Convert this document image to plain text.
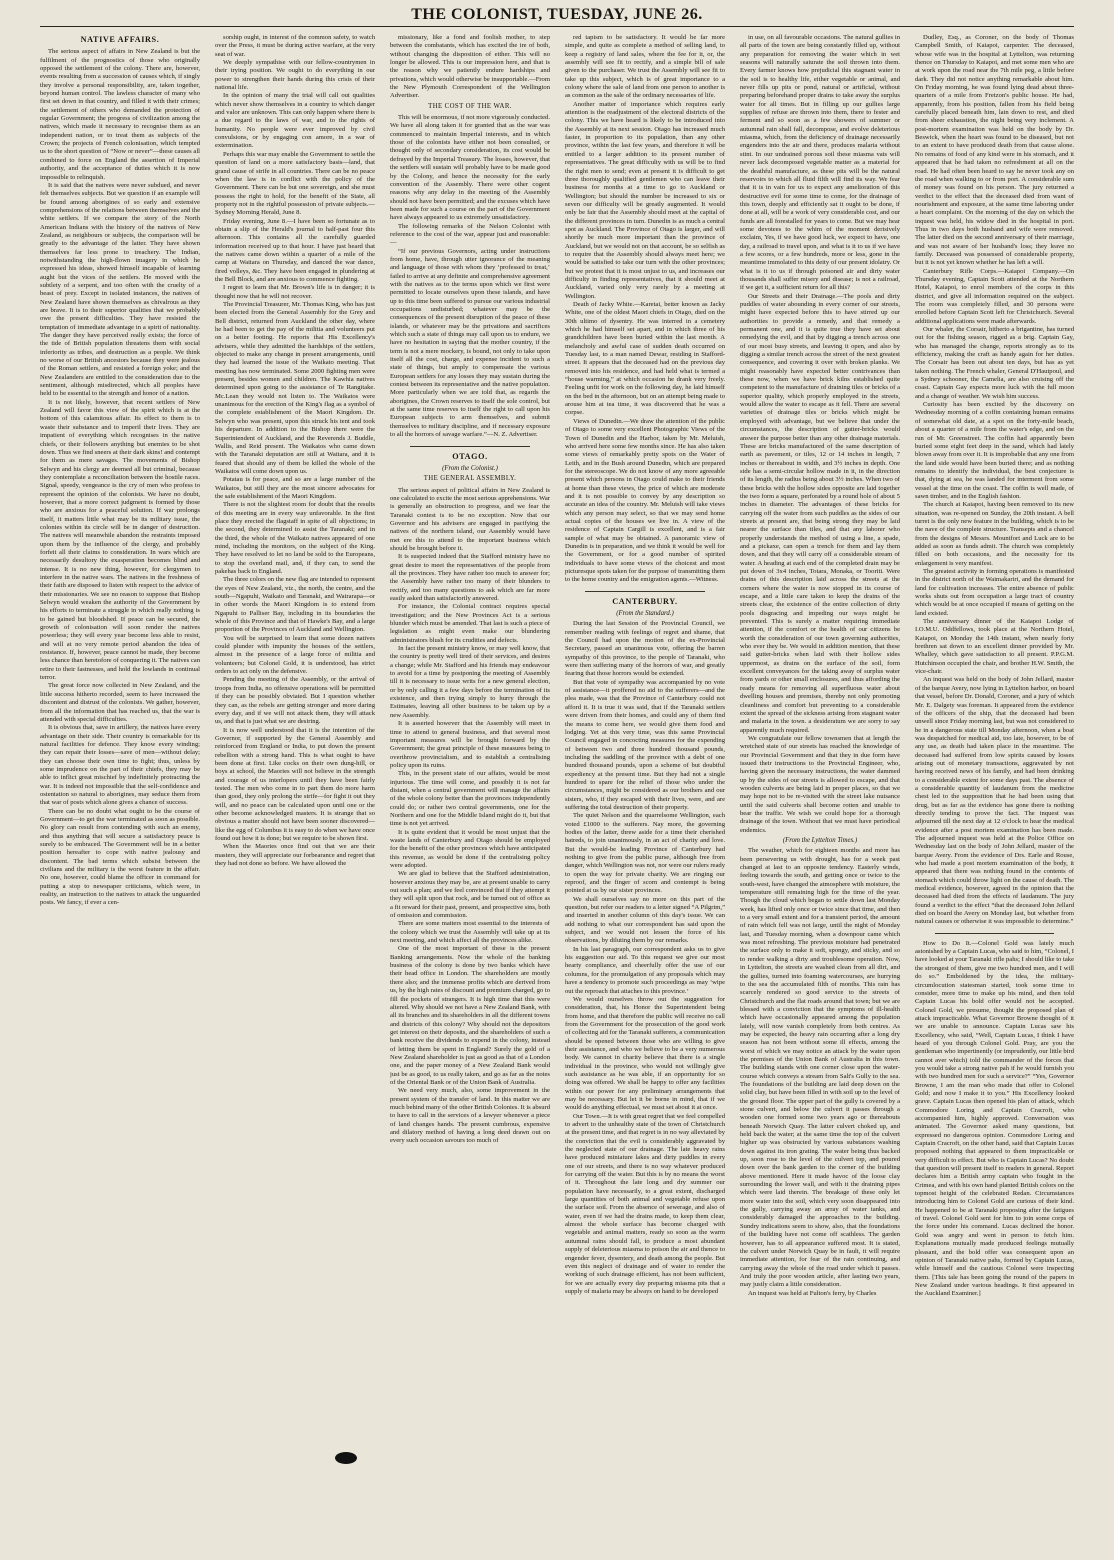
THE COLONIST, TUESDAY, JUNE 26.
NATIVE AFFAIRS.

The serious aspect of affairs in New Zealand is but the fulfilment of the prognostics of those who originally opposed the settlement of the colony. There are, however, events resulting from a succession of causes which, if singly they involve a personal responsibility, are, taken together, beyond human control. The lawless character of many who first set down in that country, and filled it with their crimes; the settlement of others who demanded the protection of regular Government; the progress of civilization among the natives, which made it necessary to recognise them as an independent nation, or to treat them as subjects of the Crown; the projects of French colonisation, which tempted us to the short question of “Now or never”—these causes all combined to force on England the assertion of Imperial authority, and the acceptance of duties which it is now impossible to relinquish.

It is said that the natives were never subdued, and never felt themselves subjects. But we question if an example will be found among aborigines of so early and extensive comprehensions of the relations between themselves and the white settlers. If we compare the story of the North American Indians with the history of the natives of New Zealand, as neighbours or subjects, the comparison will be greatly to the advantage of the latter. They have shown themselves far less prone to treachery. The Indian, notwithstanding the high-flown imagery in which he expressed his ideas, showed himself incapable of learning aught but the vices of the settlers. He moved with the subtlety of a serpent, and too often with the cruelty of a beast of prey. Except in isolated instances, the natives of New Zealand have shown themselves as chivalrous as they are brave. It is to their superior qualities that we probably owe the present difficulties. They have resisted the temptation of immediate advantage in a spirit of nationality. The danger they have perceived really exists; the force of the tide of British population threatens them with social inferiority as tribes, and destruction as a people. We think no worse of our British ancestors because they were jealous of the Roman settlers, and resisted a foreign yoke; and the New Zealanders are entitled to the consideration due to the sentiment, although misdirected, which all peoples have held to be essential to the strength and honor of a nation.

It is not likely, however, that recent settlers of New Zealand will favor this view of the spirit which is at the bottom of this calamitous affair. Its effect to them is to waste their substance and to imperil their lives. They are impatient of everything which recognises in the native chiefs, or their followers anything but enemies to be shot down. Thus we find sneers at their dark skins! and contempt for them as mere savages. The movements of Bishop Selwyn and his clergy are deemed all but criminal, because they contemplate a reconciliation between the hostile races. Signal, speedy, vengeance is the cry of men who profess to represent the opinion of the colonists. We have no doubt, however, that a more correct judgment is formed by those who are anxious for a peaceful solution. If war prolongs itself, it matters little what may be its military issue, the colonies within its circle will be in danger of destruction. The natives will meanwhile abandon the restraints imposed upon them by the influence of the clergy, and probably forfeit all their claims to consideration. In wars which are necessarily desultory the exasperation becomes blind and intense. It is no new thing, however, for clergymen to interfere in the native wars. The natives in the freshness of their faith are disposed to listen with respect to the advice of their missionaries. We see no reason to suppose that Bishop Selwyn would weaken the authority of the Government by his efforts to terminate a struggle in which really nothing is to be gained but bloodshed. If peace can be secured, the growth of colonisation will soon render the natives powerless; they will every year become less able to resist, and will at no very remote period abandon the idea of resistance. If, however, peace cannot be made, they become less chance than heretofore of conquering it. The natives can retire to their fastnesses, and hold the lowlands in continual terror.

The great force now collected in New Zealand, and the little success hitherto recorded, seem to have increased the discontent and distrust of the colonists. We gather, however, from all the information that has reached us, that the war is attended with special difficulties.

It is obvious that, save in artillery, the natives have every advantage on their side. Their country is remarkable for its natural facilities for defence. They know every winding; they can repair their losses—save of men—without delay; they can choose their own time to fight; thus, unless by some imprudence on the part of their chiefs, they may be able to inflict great mischief by indefinitely protracting the war. It is indeed not impossible that the self-confidence and ostentation so natural to aborigines, may seduce them from that war of posts which alone gives a chance of success.

There can be no doubt what ought to be the course of Government—to get the war terminated as soon as possible. No glory can result from contending with such an enemy, and thus anything that will secure a satisfactory peace is surely to be embraced. The Government will be in a better position hereafter to cope with native jealousy and discontent. The bad terms which subsist between the civilians and the military is the worst feature in the affair. No one, however, could blame the officer in command for putting a stop to newspaper criticisms, which were, in reality, an instruction to the natives to attack the unguarded posts. We fancy, if ever a cen-

sorship ought, in interest of the common safety, to watch over the Press, it must be during active warfare, at the very seat of war.

We deeply sympathise with our fellow-countrymen in their trying position. We ought to do everything in our power to strengthen their hands during this crisis of their national life.

In the opinion of many the trial will call out qualities which never show themselves in a country to which danger and valor are unknown. This can only happen where there is a due regard to the laws of war, and to the rights of humanity. No people were ever improved by civil convulsions, or by engaging con amore, in a war of extermination.

Perhaps this war may enable the Government to settle the question of land on a more satisfactory basis—land, that grand cause of strife in all countries. There can be no peace when the law is in conflict with the policy of the Government. There can be but one sovereign, and she must possess the right to hold, for the benefit of the State, all property not in the rightful possession of private subjects.—Sydney Morning Herald, June 8.

Friday evening, June 8.—I have been so fortunate as to obtain a slip of the Herald's journal to half-past four this afternoon. This contains all the carefully guarded information received up to that hour. I have just heard that the natives came down within a quarter of a mile of the camp at Waitara on Thursday, and danced the war dance, fired volleys, &c. They have been engaged in plundering at the Bell Block, and are anxious to commence fighting.

I regret to learn that Mr. Brown's life is in danger; it is thought now that he will not recover.

The Provincial Treasurer, Mr. Thomas King, who has just been elected from the General Assembly for the Grey and Bell district, returned from Auckland the other day, where he had been to get the pay of the militia and volunteers put on a better footing. He reports that His Excellency's advisers, while they admitted the hardships of the settlers, objected to make any change in present arrangements, until they had learned the issue of the Waikato meeting. That meeting has now terminated. Some 2000 fighting men were present, besides women and children. The Kawhia natives determined upon going to the assistance of Te Rangitake. Mc.Lean they would not listen to. The Waikatos were unanimous for the erection of the King's flag as a symbol of the complete establishment of the Maori Kingdom. Dr. Selwyn who was present, upon this struck his tent and took his departure. In addition to the Bishop there were the Superintendent of Auckland, and the Reverends J. Buddle, Wallis, and Reid present. The Waikatos who came down with the Taranaki deputation are still at Waitara, and it is feared that should any of them be killed the whole of the Waikatos will come down upon us.

Potatau is for peace, and so are a large number of the Waikatos, but still they are the most sincere advocates for the safe establishment of the Maori Kingdom.

There is not the slightest room for doubt that the results of this meeting are in every way unfavorable. In the first place they erected the flagstaff in spite of all objections; in the second, they determined to assist the Taranaki; and in the third, the whole of the Waikato natives appeared of one mind, including the monitors, on the subject of the King. They have resolved to let no land be sold to the Europeans, to stop the overland mail, and, if they can, to send the pakehas back to England.

The three colors on the new flag are intended to represent the eyes of New Zealand, viz., the north, the centre, and the south—Ngapuhi, Waikato and Taranaki, and Wairarapa—or in other words the Maori Kingdom is to extend from Ngapuhi to Palliser Bay, including in its boundaries the whole of this Province and that of Hawke's Bay, and a large proportion of the Provinces of Auckland and Wellington.

You will be surprised to learn that some dozen natives could plunder with impunity the houses of the settlers, almost in the presence of a large force of militia and volunteers; but Colonel Gold, it is understood, has strict orders to act only on the defensive.

Pending the meeting of the Assembly, or the arrival of troops from India, no offensive operations will be permitted if they can be possibly obviated. But I question whether they can, as the rebels are getting stronger and more daring every day, and if we will not attack them, they will attack us, and that is just what we are desiring.

It is now well understood that it is the intention of the Governor, if supported by the General Assembly and reinforced from England or India, to put down the present rebellion with a strong hand. This is what ought to have been done at first. Like cocks on their own dung-hill, or boys at school, the Maories will not believe in the strength and courage of us interlopers until they have been fairly tested. The men who come in to part them do more harm than good, they only prolong the strife—for fight it out they will, and no peace can be calculated upon until one or the other become acknowledged masters. It is strange that so obvious a matter should not have been sooner discovered—like the egg of Columbus it is easy to do when we have once found out how it is done; but we require to be shown first.

When the Maories once find out that we are their masters, they will appreciate our forbearance and regret that they had not done so before. We have allowed the

missionary, like a fond and foolish mother, to step between the combatants, which has excited the ire of both, without changing the disposition of either. This will no longer be allowed. This is our impression here, and that is the reason why we patiently endure hardships and privations, which would otherwise be insupportable.—From the New Plymouth Correspondent of the Wellington Advertiser.

THE COST OF THE WAR.

This will be enormous, if not more vigorously conducted. We have all along taken it for granted that as the war was commenced to maintain Imperial interests, and in which those of the colonists have either not been consulted, or thought only of secondary consideration, its cost would be defrayed by the Imperial Treasury. The losses, however, that the settlers will sustain will probably have to be made good by the Colony, and hence the necessity for the early convention of the Assembly. There were other cogent reasons why any delay in the meeting of the Assembly should not have been permitted; and the excuses which have been made for such a course on the part of the Government have always appeared to us extremely unsatisfactory.

The following remarks of the Nelson Colonist with reference to the cost of the war, appear just and reasonable:—

“If our previous Governors, acting under instructions from home, have, through utter ignorance of the meaning and language of those with whom they ‘professed to treat,’ failed to arrive at any definite and comprehensive agreement with the natives as to the terms upon which we first were permitted to locate ourselves upon these islands, and have up to this time been suffered to pursue our various industrial occupations undisturbed; whatever may be the consequences of the present disruption of the peace of these islands, or whatever may be the privations and sacrifices which such a state of things may call upon us to endure, we have no hesitation in saying that the mother country, if the term is not a mere mockery, is bound, not only to take upon itself all the cost, charge, and expense incident to such a state of things, but amply to compensate the various European settlers for any losses they may sustain during the contest between its representative and the native population. More particularly when we are told that, as regards the aborigines, the Crown reserves to itself the sole control, but at the same time reserves to itself the right to call upon his European subjects to arm themselves, and submit themselves to military discipline, and if necessary exposure to all the horrors of savage warfare.”—N. Z. Advertiser.

OTAGO.
(From the Colonist.)
THE GENERAL ASSEMBLY.

The serious aspect of political affairs in New Zealand is one calculated to excite the most serious apprehensions. War is generally an obstruction to progress, and we fear the Taranaki contest is to be no exception. Now that our Governor and his advisers are engaged in pacifying the natives of the northern island, our Assembly would have met ere this to attend to the important business which should be brought before it.

It is suspected indeed that the Stafford ministry have no great desire to meet the representatives of the people from all the provinces. They have rather too much to answer for; the Assembly have rather too many of their blunders to rectify, and too many questions to ask which are far more easily asked than satisfactorily answered.

For instance, the Colonial contract requires special investigation; and the New Provinces Act is a serious blunder which must be amended. That last is such a piece of legislation as might even make our blundering administrators blush for its crudities and defects.

In fact the present ministry know, or may well know, that the country is pretty well tired of their services, and desires a change; while Mr. Stafford and his friends may endeavour to avoid for a time by postponing the meeting of Assembly till it is necessary to issue writs for a new general election, or by only calling it a few days before the termination of its existence, and then trying simply to hurry through the Estimates, leaving all other business to be taken up by a new Assembly.

It is asserted however that the Assembly will meet in time to attend to general business, and that several most important measures will be brought forward by the Government; the great principle of these measures being to overthrow provincialism, and to establish a centralising policy upon its ruins.

This, in the present state of our affairs, would be most injurious. The time will come, and possibly it is not far distant, when a central government will manage the affairs of the whole colony better than the provinces independently could do; or rather two central governments, one for the Northern and one for the Middle Island might do it, but that time is not yet arrived.

It is quite evident that it would be most unjust that the waste lands of Canterbury and Otago should be employed for the benefit of the other provinces which have anticipated this revenue, as would be done if the centralising policy were adopted.

We are glad to believe that the Stafford administration, however anxious they may be, are at present unable to carry out such a plan; and we feel convinced that if they attempt it they will split upon that rock, and be turned out of office as a fit reward for their past, present, and prospective sins, both of omission and commission.

There are some matters most essential to the interests of the colony which we trust the Assembly will take up at its next meeting, and which affect all the provinces alike.

One of the most important of these is the present Banking arrangements. Now the whole of the banking business of the colony is done by two banks which have their head office in London. The shareholders are mostly there also; and the immense profits which are derived from us, by the high rates of discount and premium charged, go to fill the pockets of strangers. It is high time that this were altered. Why should we not have a New Zealand Bank, with all its branches and its shareholders in all the different towns and districts of this colony? Why should not the depositors get interest on their deposits, and the shareholders of such a bank receive the dividends to expend in the colony, instead of letting them be spent in England? Surely the gold of a New Zealand shareholder is just as good as that of a London one, and the paper money of a New Zealand Bank would just be as good, to us really taken, and go as far as the notes of the Oriental Bank or of the Union Bank of Australia.

We need very much, also, some improvement in the present system of the transfer of land. In this matter we are much behind many of the other British Colonies. It is absurd to have to call in the services of a lawyer whenever a piece of land changes hands. The present cumbrous, expensive and dilatory method of having a long deed drawn out on every such occasion savours too much of

red tapism to be satisfactory. It would be far more simple, and quite as complete a method of selling land, to keep a registry of land sales, where the fee for it, or, the assembly will see fit to rectify, and a simple bill of sale given to the purchaser. We trust the Assembly will see fit to take up this subject, which is of great importance to a colony where the sale of land from one person to another is as common as the sale of the ordinary necessaries of life.

Another matter of importance which requires early attention is the readjustment of the electoral districts of the colony. This we have heard is likely to be introduced into the Assembly at its next session. Otago has increased much faster, in proportion to its population, than any other province, within the last few years, and therefore it will be entitled to a larger addition to its present number of representatives. The great difficulty with us will be to find the right men to send; even at present it is difficult to get three thoroughly qualified gentlemen who can leave their business for months at a time to go to Auckland or Wellington; but should the number be increased to six or seven our difficulty will be greatly augmented. It would only be fair that the Assembly should meet at the capital of the different provinces in turn. Dunedin is as much a central spot as Auckland. The Province of Otago is larger, and will shortly be much more important than the province of Auckland, but we would not on that account, be so selfish as to require that the Assembly should always meet here; we would be satisfied to take our turn with the other provinces; but we protest that it is most unjust to us, and increases our difficulty in finding representatives, that it should meet at Auckland, varied only very rarely by a meeting at Wellington.

Death of Jacky White.—Karetai, better known as Jacky White, one of the oldest Maori chiefs in Otago, died on the 30th ultimo of dysentry. He was interred in a cemetery which he had himself set apart, and in which three of his grandchildren have been buried within the last month. A melancholy and awful case of sudden death occurred on Tuesday last, to a man named Dewar, residing in Stafford-street. It appears that the deceased had on the previous day removed into his residence, and had held what is termed a “house warming,” at which occasion he drank very freely. Feeling unfit for work on the following day, he laid himself on the bed in the afternoon, but on an attempt being made to arouse him at tea time, it was discovered that he was a corpse.

Views of Dunedin.—We draw the attention of the public of Otago to some very excellent Photographic Views of the Town of Dunedin and the Harbor, taken by Mr. Meluish, who arrived here some few months since. He has also taken some views of remarkably pretty spots on the Water of Leith, and in the Bush around Dunedin, which are prepared for the stereoscope. We do not know of any more agreeable present which persons in Otago could make to their friends at home than these views, the price of which are moderate and it is not possible to convey by any description so accurate an idea of the country. Mr. Meluish will take views which any person may select, so that we may send home actual copies of the houses we live in. A view of the residence of Captain Cargill is excellent, and is a fair sample of what may be obtained. A panoramic view of Dunedin is in preparation, and we think it would be well for the Government, or for a good number of spirited individuals to have some views of the choicest and most picturesque spots taken for the purpose of transmitting them to the home country and the emigration agents.—Witness.

CANTERBURY.
(From the Standard.)

During the last Session of the Provincial Council, we remember reading with feelings of regret and shame, that the Council had upon the motion of the ex-Provincial Secretary, passed an unanimous vote, offering the barren sympathy of this province, to the people of Taranaki, who were then suffering many of the horrors of war, and greatly fearing that those horrors would be extended.

But that vote of sympathy was accompanied by no vote of assistance—it proffered no aid to the sufferers—and the plea made, was that the Province of Canterbury could not afford it. It is true it was said, that if the Taranaki settlers were driven from their homes, and could any of them find the means to come here, we would give them food and lodging. Yet at this very time, was this same Provincial Council engaged in concocting measures for the expending of between two and three hundred thousand pounds, including the saddling of the province with a debt of one hundred thousand pounds, upon a scheme of but doubtful expediency at the present time. But they had not a single hundred to spare for the relief of those who under the circumstances, might be considered as our brothers and our sisters, who, if they escaped with their lives, were, and are suffering the total destruction of their property.

The quiet Nelson and the quarrelsome Wellington, each voted £1000 to the sufferers. Nay more, the governing bodies of the latter, threw aside for a time their cherished hatreds, to join unanimously, in an act of charity and love. But the would-be leading Province of Canterbury had nothing to give from the public purse, although free from danger, which Wellington was not, nor were our rulers ready to open the way for private charity. We are ringing our reproof, and the finger of scorn and contempt is being pointed at us by our sister provinces.

We shall ourselves say no more on this part of the question, but refer our readers to a letter signed “A Pilgrim,” and inserted in another column of this day's issue. We can add nothing to what our correspondent has said upon the subject, and we would not lessen the force of his observations, by diluting them by our remarks.

In his last paragraph, our correspondent asks us to give his suggestion our aid. To this request we give our most hearty compliance, and cheerfully offer the use of our columns, for the promulgation of any proposals which may have a tendency to promote such proceedings as may ‘wipe out the reproach that attaches to this province.’

We would ourselves throw out the suggestion for consideration, that, his Honor the Superintendent being from home, and that therefore the public will receive no call from the Government for the prosecution of the good work of collecting aid for the Taranaki sufferers, a communication should be opened between those who are willing to give their assistance, and who we believe to be a very numerous body. We cannot in charity believe that there is a single individual in the province, who would not willingly give such assistance as he was able, if an opportunity for so doing was offered. We shall be happy to offer any facilities within our power for any preliminary arrangements that may be necessary. But let it be borne in mind, that if we would do anything effectual, we must set about it at once.

Our Town.—It is with great regret that we feel compelled to advert to the unhealthy state of the town of Christchurch at the present time, and that regret is in no way alleviated by the conviction that the evil is considerably aggravated by the neglected state of our drainage. The late heavy rains have produced miniature lakes and dirty puddles in every one of our streets, and there is no way whatever produced for carrying off the water. But this is by no means the worst of it. Throughout the late long and dry summer our population have necessarily, to a great extent, discharged large quantities of both animal and vegetable refuse upon the surface soil. From the absence of sewerage, and also of water, even if we had the drains made, to keep them clear, almost the whole surface has become charged with vegetable and animal matters, ready so soon as the warm autumnal rains should fall, to produce a most abundant supply of deleterious miasma to poison the air and thence to engender fever, dysentery, and death among the people. But even this neglect of drainage and of water to render the working of such drainage efficient, has not been sufficient, for we are actually every day preparing miasma pits that a supply of malaria may be always on hand to be developed

in use, on all favourable occasions. The natural gullies in all parts of the town are being constantly filled up, without any preparation for removing the water which in wet seasons will naturally saturate the soil thrown into them. Every farmer knows how prejudicial this stagnant water in the soil is to healthy life, either vegetable or animal, and never fills up pits or pond, natural or artificial, without preparing beforehand proper drains to take away the surplus water for all times. But in filling up our gullies large supplies of refuse are thrown into them, there to fester and ferment and so soon as a few showers of summer or autumnal rain shall fall, decompose, and evolve deleterious miasma, which, from the deficiency of drainage necessarily engenders into the air and there, produces malaria without stint. In our undrained porous soil these miasma vats will never lack decomposed vegetable matter as a material for the deathful manufacture, as these pits will be the natural reservoirs to which all fluid filth will find its way. We fear that it is in vain for us to expect any amelioration of this destructive evil for some time to come, for the drainage of this town, deeply and efficiently sat it ought to be done, if done at all, will be a work of very considerable cost, and our funds are all forestalled for years to come. But we may hear some devotees to the whim of the moment derisively exclaim, Yes, if we have good luck, we expect to have, one day, a railroad to travel upon, and what is it to us if we have a few scores, or a few hundreds, more or less, gone in the meantime immolated to this deity of our present idolatry. Or what is it to us if through poisoned air and dirty water thousands shall suffer misery and disease; is not a railroad, if we get it, a sufficient return for all this?

Our Streets and their Drainage.—The pools and dirty puddles of water abounding in every corner of our streets, might have expected before this to have stirred up our authorities to provide a remedy, and that remedy a permanent one, and it is quite true they have set about remedying the evil, and that by digging a trench across one of our most busy streets, and leaving it open, and also by digging a similar trench across the street of the next greatest consequence, and covering it over with broken planks. We might reasonably have expected better contrivances than these now, when we have brick kilns established quite competent to the manufacture of draining tiles or bricks of a superior quality, which properly employed in the streets, would allow the water to escape as it fell. There are several varieties of drainage tiles or bricks which might be employed with advantage, but we believe that under the circumstances, the description of gutter-bricks would answer the purpose better than any other drainage materials. These are bricks manufactured of the same description of earth as pavement, or tiles, 12 or 14 inches in length, 7 inches or thereabout in width, and 3½ inches in depth. One side has a semi-circular hollow made in it, in the direction of its length, the radius being about 3½ inches. When two of these bricks with the hollow sides opposite are laid together the two form a square, perforated by a round hole of about 5 inches in diameter. The advantages of these bricks for carrying off the water from such puddles as the sides of our streets at present are, that being strong they may be laid nearer the surface than tiles, and that any laborer who properly understands the method of using a line, a spade, and a pickaxe, can open a trench for them and lay them down, and that they will carry off a considerable stream of water. A heading at each end of the completed drain may be put down of 3x4 inches, Totara, Monaka, or Tooriti. Were drains of this description laid across the streets at the corners where the water is now stopped in its course of escape, and a little care taken to keep the drains of the streets clear, the existence of the entire collection of dirty pools disgracing and impeding our ways might be prevented. This is surely a matter requiring immediate attention, if the comfort or the health of our citizens be worth the consideration of our town governing authorities, who ever they be. We would in addition mention, that these said gutter-bricks when laid with their hollow sides uppermost, as drains on the surface of the soil, form excellent conveyances for the taking away of surplus water from yards or other small enclosures, and thus affording the ready means for removing all superfluous water about dwelling houses and premises, thereby not only promoting cleanliness and comfort but preventing to a considerable extent the spread of the sickness arising from stagnant water and malaria in the town. a desideratum we are sorry to say apparently much required.

We congratulate our fellow townsmen that at length the wretched state of our streets has reached the knowledge of our Provincial Government and that they in due form have issued their instructions to the Provincial Engineer, who, having given the necessary instructions, the water dammed up by the sides of our streets is allowed to escape, and that wooden culverts are being laid in proper places, so that we may hope not to be re-visited with the street lake nuisance until the said culverts shall become rotten and unable to bear the traffic. We wish we could hope for a thorough drainage of the town. Without that we must have periodical endemics.

(From the Lyttelton Times.)

The weather, which for eighteen months and more has been persevering us with drought, has for a week past changed at last to an opposite tendency. Easterly winds, feeling towards the south, and getting once or twice to the south-west, have changed the atmosphere with moisture, the temperature still remaining high for the time of the year. Though the cloud which began to settle down last Monday week, has lifted only once or twice since that time, and then to a very small extent and for a transient period, the amount of rain which fell was not large, until the night of Monday last, and Tuesday morning, when a downpour came which was most refreshing. The previous moisture had penetrated the surface only to make it soft, spongy, and sticky, and so to render walking a dirty and troublesome operation. Now, in Lyttelton, the streets are washed clean from all dirt, and the gullies, turned into foaming watercourses, are hurrying to the sea the accumulated filth of months. This rain has scarcely rendered so good service to the streets of Christchurch and the flat roads around that town; but we are blessed with a conviction that the symptoms of ill-health which have occasionally appeared among the population lately, will now vanish completely from both centres. As may be expected, the heavy rain occurring after a long dry season has not been without some ill effects, among the worst of which we may notice an attack by the water upon the premises of the Union Bank of Australia in this town. The building stands with one corner close upon the water-course which conveys a stream from Salt's Gully to the sea. The foundations of the building are laid deep down on the solid clay, but have been filled in with soil up to the level of the ground floor. The upper part of the gully is covered by a stone culvert, and below the culvert it passes through a wooden one formed some two years ago or thereabouts beneath Norwich Quay. The latter culvert choked up, and held back the water; at the same time the top of the culvert higher up was obstructed by various substances washing down against its iron grating. The water being thus backed up, soon rose to the level of the culvert top, and poured down over the bank garden to the corner of the building above mentioned. Here it made havoc of the loose clay surrounding the lower wall, and with it the draining pipes which were laid therein. The breakage of these only let more water into the soil, which very soon disappeared into the gully, carrying away an array of water tanks, and considerably damaged the approaches to the building. Sundry indications seem to show, also, that the foundations of the building have not come off scathless. The garden however, has to all appearance suffered most. It is stated, the culvert under Norwich Quay be in fault, it will require immediate attention, for fear of the rain continuing, and carrying away the whole of the road under which it passes. And truly the poor wooden article, after lasting two years, may justly claim a little consideration.

An inquest was held at Fulton's ferry, by Charles

Dudley, Esq., as Coroner, on the body of Thomas Campbell Smith, of Kaiapoi, carpenter. The deceased, whose wife was in the hospital at Lyttelton, was returning thence on Thursday to Kaiapoi, and met some men who are at work upon the road near the 7th mile peg, a little before dark. They did not notice anything remarkable about him. On Friday morning, he was found lying dead about three-quarters of a mile from Fretzon's public house. He had, apparently, from his position, fallen from his field being carefully placed beneath him, lain down to rest, and died from sheer exhaustion, the night being very inclement. A post-mortem examination was held on the body by Dr. Beswick, when the heart was found to be diseased, but not to an extent to have produced death from that cause alone. No remains of food of any kind were in his stomach, and it appeared that he had taken no refreshment at all on the road. He had often been heard to say he never took any on the road when walking to or from port. A considerable sum of money was found on his person. The jury returned a verdict to the effect that the deceased died from want of nourishment and exposure, at the same time laboring under a heart complaint. On the morning of the day on which the inquest was held, his widow died in the hospital in port. Thus in two days both husband and wife were removed. The latter died on the second anniversary of their marriage, and was not aware of her husband's loss; they leave no family. Deceased was possessed of considerable property, but it is not yet known whether he has left a will.

Canterbury Rifle Corps.—Kaiapoi Company.—On Thursday evening, Captain Scott attended at the Northern Hotel, Kaiapoi, to enrol members of the corps in this district, and give all information required on the subject. The room was completely filled, and 30 persons were enrolled before Captain Scott left for Christchurch. Several additional applications were made afterwards.

Our whaler, the Corsair, hitherto a brigantine, has turned out for the fishing season, rigged as a brig. Captain Gay, who has managed the change, reports strongly as to its efficiency, making the craft as handy again for her duties. The Corsair has been out about ten days, but has as yet taken nothing. The French whaler, General D'Hautpoul, and a Sydney schooner, the Camelia, are also cruising off the coast. Captain Gay expects more luck with the full moon and a change of weather. We wish him success.

Curiosity has been excited by the discovery on Wednesday morning of a coffin containing human remains of somewhat old date, at a spot on the forty-mile beach, about a quarter of a mile from the water's edge, and on the run of Mr. Greenstreet. The coffin had apparently been buried some eight feet deep in the sand, which had lately blown away from over it. It is improbable that any one from the land side would have been buried there; and as nothing remains to identify the individual, the best conjecture is that, dying at sea, he was landed for interment from some vessel at the time on the coast. The coffin is well made, of sawn timber, and in the English fashion.

The church at Kaiapoi, having been removed to its new situation, was re-opened on Sunday, the 20th instant. A bell turret is the only new feature in the building, which is to be the nave of the complete structure. Transepts and a chancel from the designs of Messrs. Mountfort and Luck are to be added as soon as funds admit. The church was completely filled on both occasions, and the necessity for its enlargement is very manifest.

The greatest activity in forming operations is manifested in the district north of the Waimakariri, and the demand for land for cultivation increases. The entire absence of public works shuts out from occupation a large tract of country which would be at once occupied if means of getting on the land existed.

The anniversary dinner of the Kaiapoi Lodge of I.O.M.U. Oddfellows, took place at the Northern Hotel, Kaiapoi, on Monday the 14th instant, when nearly forty brethren sat down to an excellent dinner provided by Mr. Whalley, which gave satisfaction to all present. P.P.G.M. Hutchinson occupied the chair, and brother H.W. Smith, the vice-chair.

An inquest was held on the body of John Jellard, master of the barque Avery, now lying in Lyttelton harbor, on board that vessel, before Dr. Donald, Coroner, and a jury of which Mr. E. Dalgety was foreman. It appeared from the evidence of the officers of the ship, that the deceased had been unwell since Friday morning last, but was not considered to be in a dangerous state till Monday afternoon, when a boat was despatched for medical aid, too late, however, to be of any use, as death had taken place in the meantime. The deceased had suffered from low spirits caused by losses arising out of monetary transactions, aggravated by not having received news of his family, and had been drinking to a considerable extent for some days past. The absence of a considerable quantity of laudanum from the medicine chest led to the supposition that he had been using that drug, but as far as the evidence has gone there is nothing directly tending to prove the fact. The inquest was adjourned till the next day at 12 o'clock to hear the medical evidence after a post mortem examination has been made. The adjourned inquest was held at the Police Office on Wednesday last on the body of John Jellard, master of the barque Avery. From the evidence of Drs. Earle and Rouse, who had made a post mortem examination of the body, it appeared that there was nothing found in the contents of stomach which could throw light on the cause of death. The medical evidence, however, agreed in the opinion that the deceased had died from the effects of laudanum. The jury found a verdict to the effect “that the deceased John Jellard died on board the Avery on Monday last, but whether from natural causes or otherwise it was impossible to determine.”

How to Do It.—Colonel Gold was lately much astonished by a Captain Lucas, who said to him, “Colonel, I have looked at your Taranaki rifle pahs; I should like to take the strongest of them, give me two hundred men, and I will do so.” Emboldened by the idea, the military-circumlocution statesman started, took some time to consider, more time to make up his mind, and then told Captain Lucas his bold offer would not be accepted. Colonel Gold, we presume, thought the proposed plan of attack impracticable. What Governor Browne thought of it we are unable to announce. Captain Lucas saw his Excellency, who said, “Well, Captain Lucas, I think I have heard of you through Colonel Gold. Pray, are you the gentleman who impertinently (or imprudently, our little bird cannot aver which) told the commander of the forces that you would take a strong native pah if he would furnish you with two hundred men for such a service?” “Yes, Governor Browne, I am the man who made that offer to Colonel Gold; and now I make it to you.” His Excellency looked grave. Captain Lucas then opened his plan of attack, which Commodore Loring and Captain Cracroft, who accompanied him, highly approved. Conversation was animated. The Governor asked many questions, but expressed no dangerous opinion. Commodore Loring and Captain Cracroft, on the other hand, said that Captain Lucas proposed nothing that appeared to them impracticable or very difficult to effect. But who is Captain Lucas? No doubt that question will present itself to readers in general. Report declares him a British army captain who fought in the Crimea, and with his own hand planted British colors on the topmost height of the celebrated Redan. Circumstances introducing him to Colonel Gold are curious of their kind. He happened to be at Taranaki proposing after the fatigues of travel. Colonel Gold sent for him to join some corps of the force under his command. Lucas declined the honor. Gold was angry and went in person to fetch him. Explanations mutually made produced feelings mutually pleasant, and the bold offer was consequent upon an opinion of Taranaki native pahs, formed by Captain Lucas, while himself and the cautious Colonel were inspecting them. [This tale has been going the round of the papers in New Zealand under various headings. It first appeared in the Auckland Examiner.]
